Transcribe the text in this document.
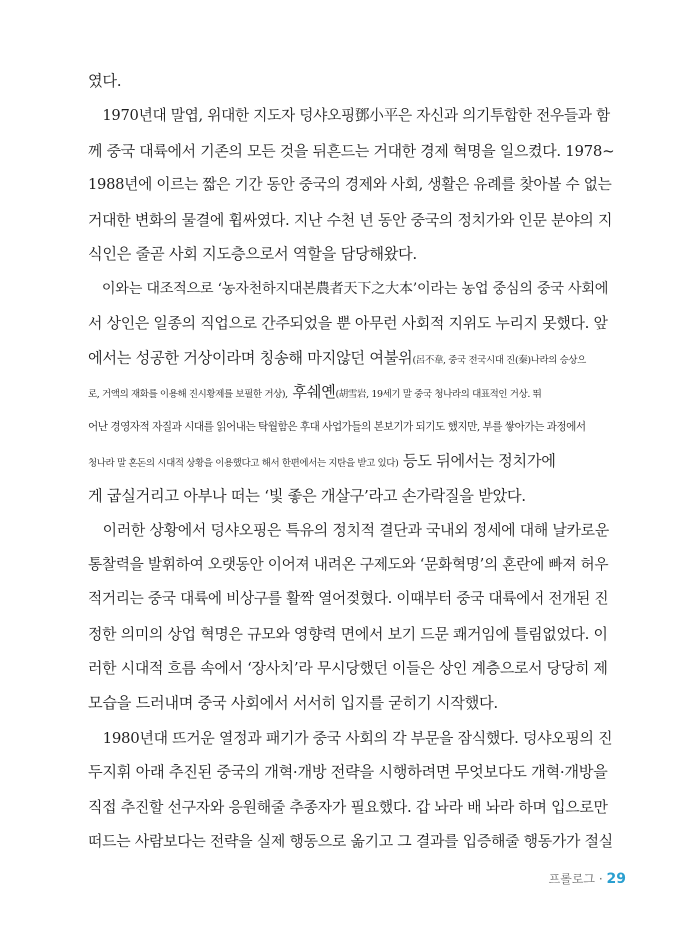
였다.
　1970년대 말엽, 위대한 지도자 덩샤오핑鄧小平은 자신과 의기투합한 전우들과 함
께 중국 대륙에서 기존의 모든 것을 뒤흔드는 거대한 경제 혁명을 일으켰다. 1978~
1988년에 이르는 짧은 기간 동안 중국의 경제와 사회, 생활은 유례를 찾아볼 수 없는
거대한 변화의 물결에 휩싸였다. 지난 수천 년 동안 중국의 정치가와 인문 분야의 지
식인은 줄곧 사회 지도층으로서 역할을 담당해왔다.
　이와는 대조적으로 ‘농자천하지대본農者天下之大本’이라는 농업 중심의 중국 사회에
서 상인은 일종의 직업으로 간주되었을 뿐 아무런 사회적 지위도 누리지 못했다. 앞
에서는 성공한 거상이라며 칭송해 마지않던 여불위(呂不韋, 중국 전국시대 진(秦)나라의 승상으
로, 거액의 재화를 이용해 진시황제를 보필한 거상), 후쉐옌(胡雪岩, 19세기 말 중국 청나라의 대표적인 거상. 뛰
어난 경영자적 자질과 시대를 읽어내는 탁월함은 후대 사업가들의 본보기가 되기도 했지만, 부를 쌓아가는 과정에서
청나라 말 혼돈의 시대적 상황을 이용했다고 해서 한편에서는 지탄을 받고 있다) 등도 뒤에서는 정치가에
게 굽실거리고 아부나 떠는 ‘빛 좋은 개살구’라고 손가락질을 받았다.
　이러한 상황에서 덩샤오핑은 특유의 정치적 결단과 국내외 정세에 대해 날카로운
통찰력을 발휘하여 오랫동안 이어져 내려온 구제도와 ‘문화혁명’의 혼란에 빠져 허우
적거리는 중국 대륙에 비상구를 활짝 열어젖혔다. 이때부터 중국 대륙에서 전개된 진
정한 의미의 상업 혁명은 규모와 영향력 면에서 보기 드문 쾌거임에 틀림없었다. 이
러한 시대적 흐름 속에서 ‘장사치’라 무시당했던 이들은 상인 계층으로서 당당히 제
모습을 드러내며 중국 사회에서 서서히 입지를 굳히기 시작했다.
　1980년대 뜨거운 열정과 패기가 중국 사회의 각 부문을 잠식했다. 덩샤오핑의 진
두지휘 아래 추진된 중국의 개혁·개방 전략을 시행하려면 무엇보다도 개혁·개방을
직접 추진할 선구자와 응원해줄 추종자가 필요했다. 갑 놔라 배 놔라 하며 입으로만
떠드는 사람보다는 전략을 실제 행동으로 옮기고 그 결과를 입증해줄 행동가가 절실
프롤로그 · 29
